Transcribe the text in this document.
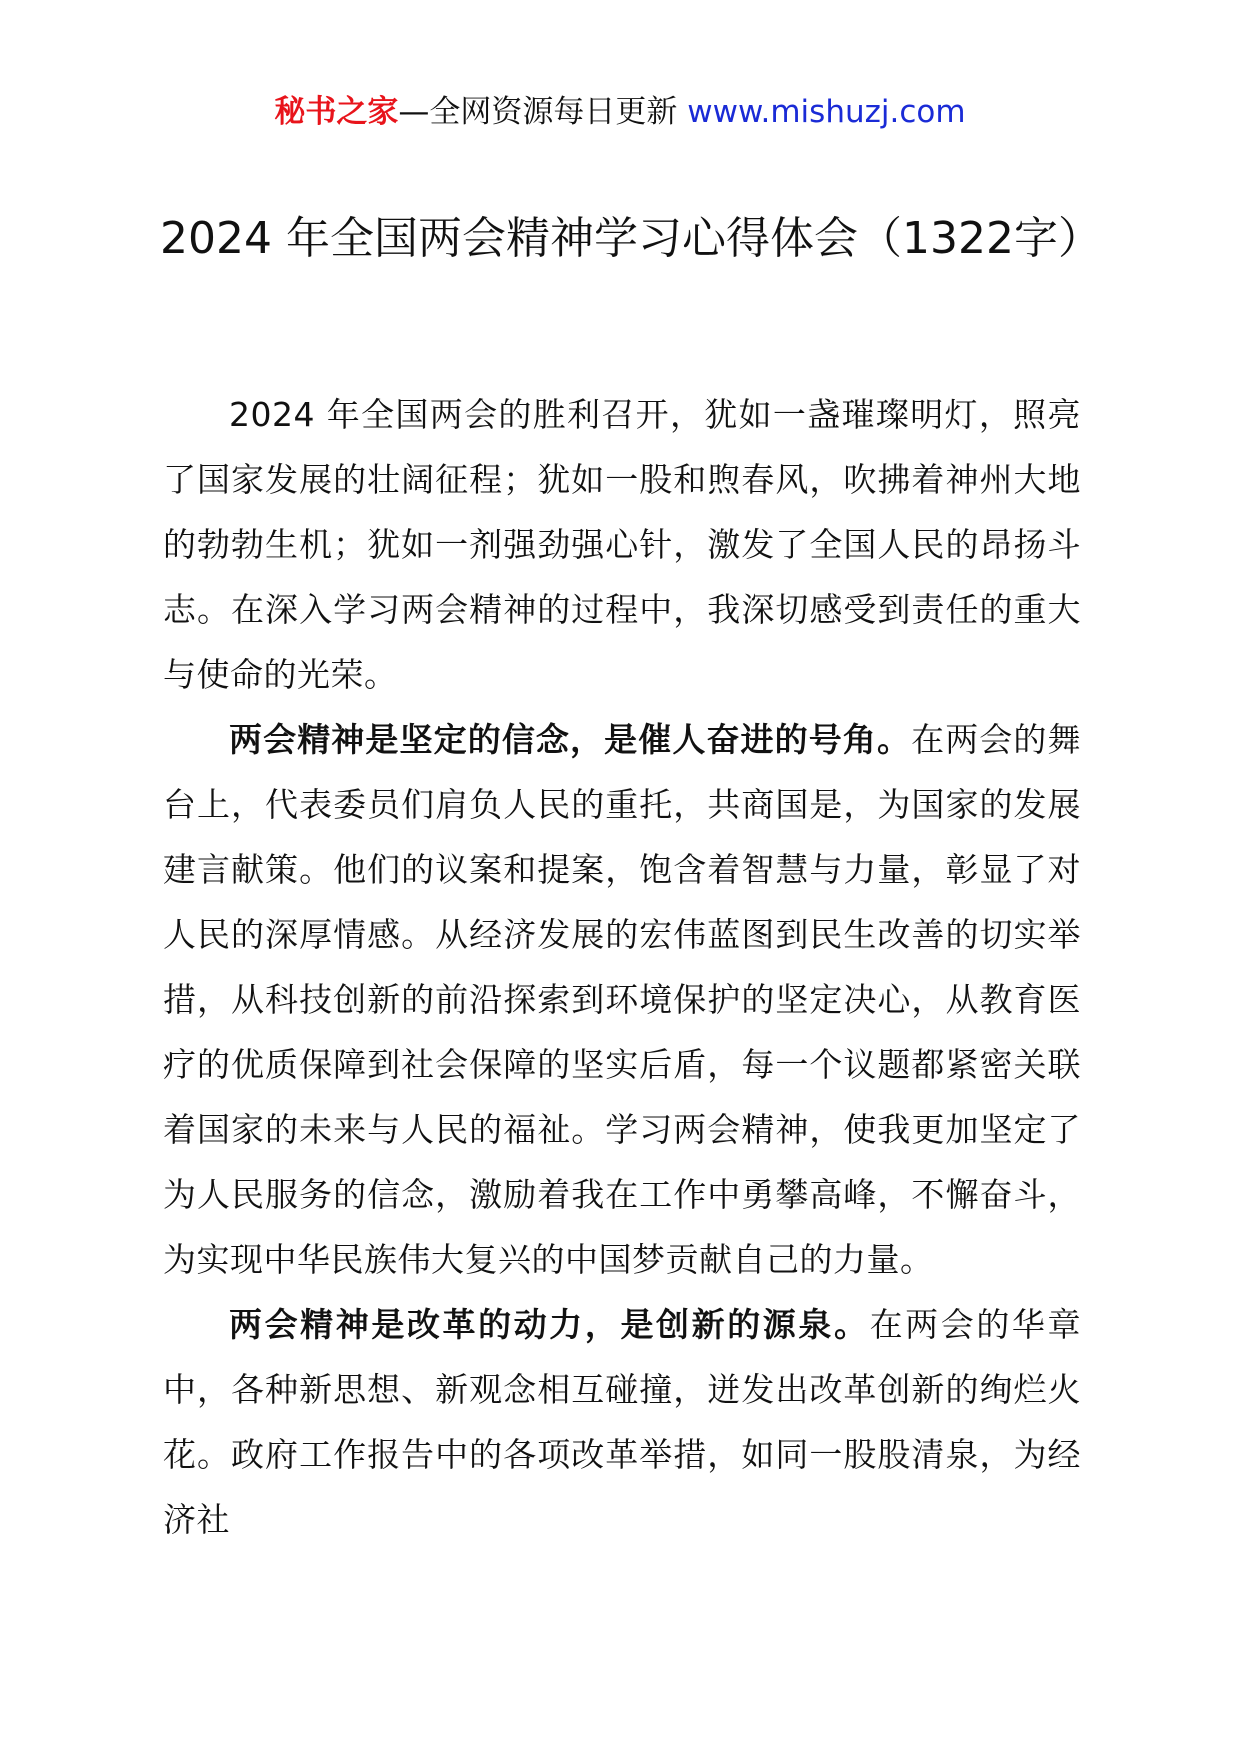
秘书之家—全网资源每日更新 www.mishuzj.com
2024 年全国两会精神学习心得体会（1322字）

2024 年全国两会的胜利召开，犹如一盏璀璨明灯，照亮了国家发展的壮阔征程；犹如一股和煦春风，吹拂着神州大地的勃勃生机；犹如一剂强劲强心针，激发了全国人民的昂扬斗志。在深入学习两会精神的过程中，我深切感受到责任的重大与使命的光荣。

两会精神是坚定的信念，是催人奋进的号角。在两会的舞台上，代表委员们肩负人民的重托，共商国是，为国家的发展建言献策。他们的议案和提案，饱含着智慧与力量，彰显了对人民的深厚情感。从经济发展的宏伟蓝图到民生改善的切实举措，从科技创新的前沿探索到环境保护的坚定决心，从教育医疗的优质保障到社会保障的坚实后盾，每一个议题都紧密关联着国家的未来与人民的福祉。学习两会精神，使我更加坚定了为人民服务的信念，激励着我在工作中勇攀高峰，不懈奋斗，为实现中华民族伟大复兴的中国梦贡献自己的力量。

两会精神是改革的动力，是创新的源泉。在两会的华章中，各种新思想、新观念相互碰撞，迸发出改革创新的绚烂火花。政府工作报告中的各项改革举措，如同一股股清泉，为经济社
